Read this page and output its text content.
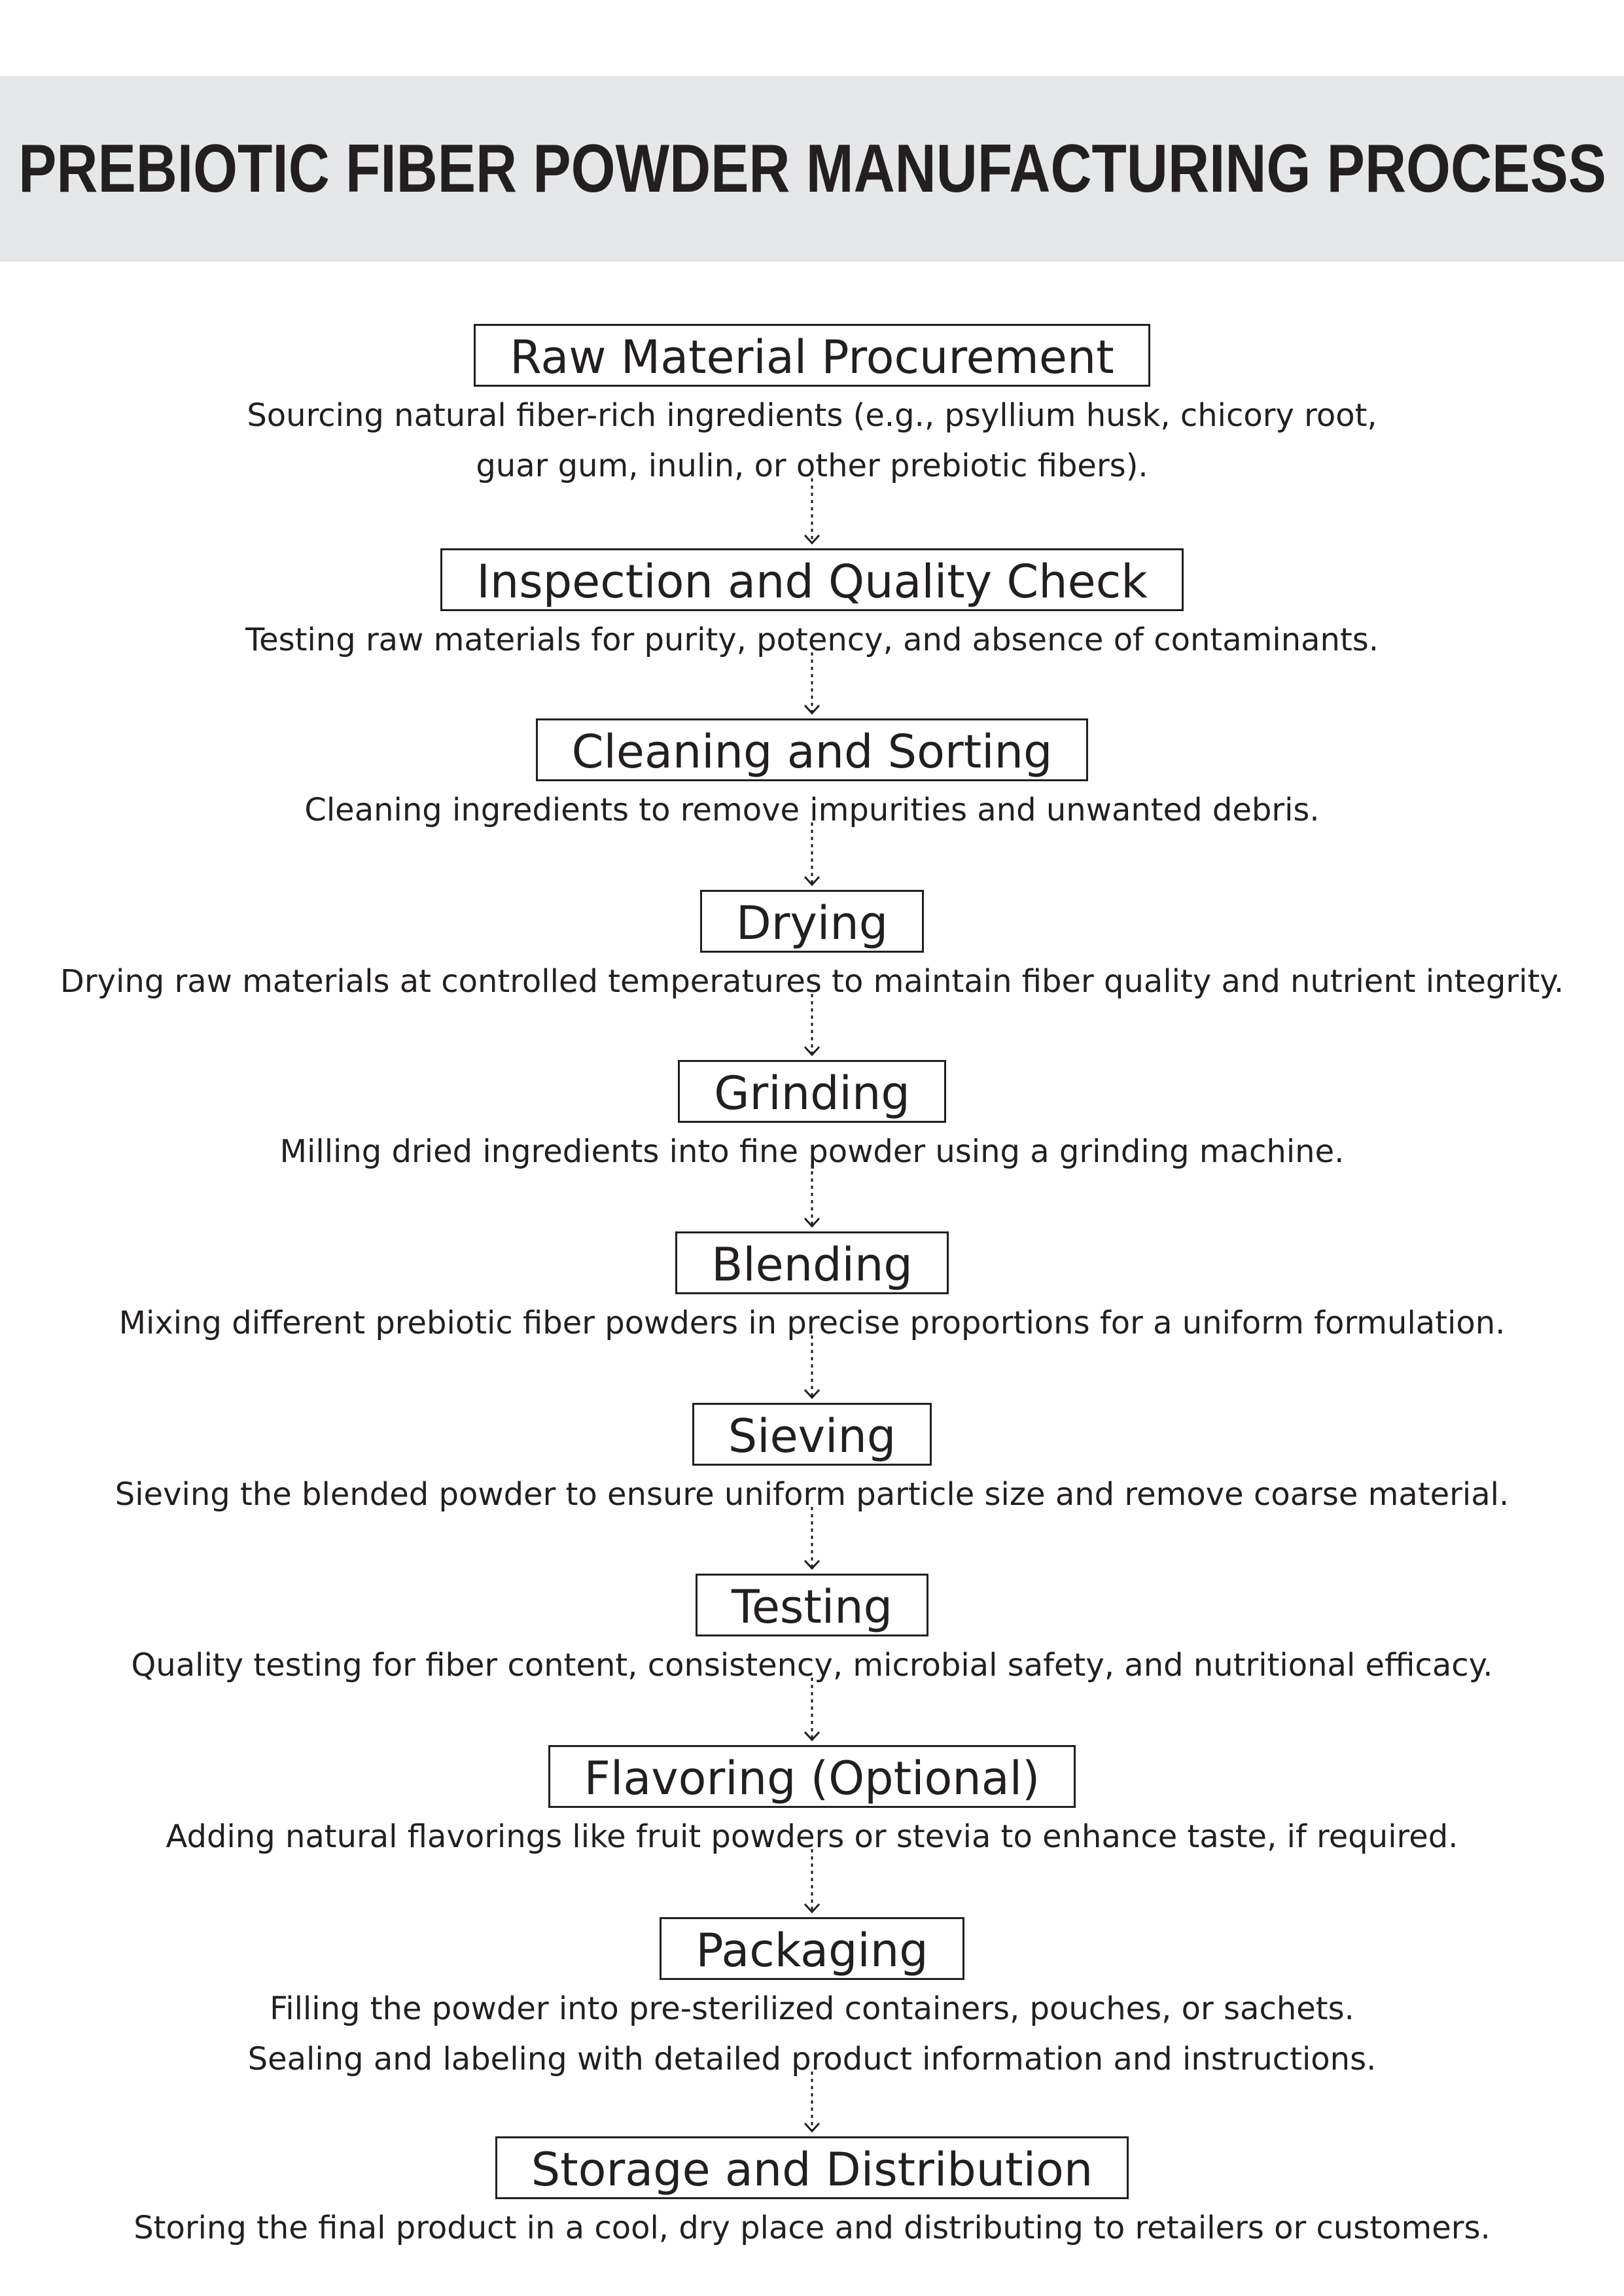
PREBIOTIC FIBER POWDER MANUFACTURING PROCESS
Raw Material Procurement
Sourcing natural fiber-rich ingredients (e.g., psyllium husk, chicory root,
guar gum, inulin, or other prebiotic fibers).
Inspection and Quality Check
Testing raw materials for purity, potency, and absence of contaminants.
Cleaning and Sorting
Cleaning ingredients to remove impurities and unwanted debris.
Drying
Drying raw materials at controlled temperatures to maintain fiber quality and nutrient integrity.
Grinding
Milling dried ingredients into fine powder using a grinding machine.
Blending
Mixing different prebiotic fiber powders in precise proportions for a uniform formulation.
Sieving
Sieving the blended powder to ensure uniform particle size and remove coarse material.
Testing
Quality testing for fiber content, consistency, microbial safety, and nutritional efficacy.
Flavoring (Optional)
Adding natural flavorings like fruit powders or stevia to enhance taste, if required.
Packaging
Filling the powder into pre-sterilized containers, pouches, or sachets.
Sealing and labeling with detailed product information and instructions.
Storage and Distribution
Storing the final product in a cool, dry place and distributing to retailers or customers.
